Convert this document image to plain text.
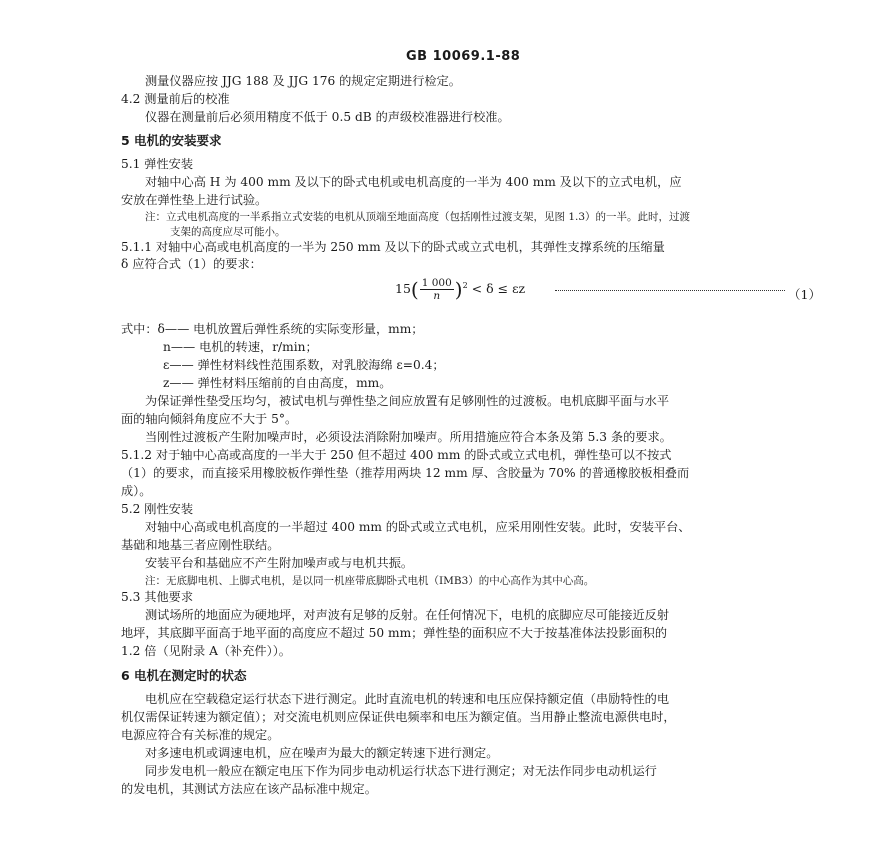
GB 10069.1-88
测量仪器应按 JJG 188 及 JJG 176 的规定定期进行检定。
4.2 测量前后的校准
仪器在测量前后必须用精度不低于 0.5 dB 的声级校准器进行校准。
5 电机的安装要求
5.1 弹性安装
对轴中心高 H 为 400 mm 及以下的卧式电机或电机高度的一半为 400 mm 及以下的立式电机，应
安放在弹性垫上进行试验。
注：立式电机高度的一半系指立式安装的电机从顶端至地面高度（包括刚性过渡支架，见图 1.3）的一半。此时，过渡
支架的高度应尽可能小。
5.1.1 对轴中心高或电机高度的一半为 250 mm 及以下的卧式或立式电机，其弹性支撑系统的压缩量
δ 应符合式（1）的要求：
$15( \frac{1 000}{n} )^2 < \delta \le \varepsilon z$	（1）
式中：δ—— 电机放置后弹性系统的实际变形量，mm；
n—— 电机的转速，r/min；
ε—— 弹性材料线性范围系数，对乳胶海绵 ε=0.4；
z—— 弹性材料压缩前的自由高度，mm。
为保证弹性垫受压均匀，被试电机与弹性垫之间应放置有足够刚性的过渡板。电机底脚平面与水平
面的轴向倾斜角度应不大于 5°。
当刚性过渡板产生附加噪声时，必须设法消除附加噪声。所用措施应符合本条及第 5.3 条的要求。
5.1.2 对于轴中心高或高度的一半大于 250 但不超过 400 mm 的卧式或立式电机，弹性垫可以不按式
（1）的要求，而直接采用橡胶板作弹性垫（推荐用两块 12 mm 厚、含胶量为 70% 的普通橡胶板相叠而
成）。
5.2 刚性安装
对轴中心高或电机高度的一半超过 400 mm 的卧式或立式电机，应采用刚性安装。此时，安装平台、
基础和地基三者应刚性联结。
安装平台和基础应不产生附加噪声或与电机共振。
注：无底脚电机、上脚式电机，是以同一机座带底脚卧式电机（IMB3）的中心高作为其中心高。
5.3 其他要求
测试场所的地面应为硬地坪，对声波有足够的反射。在任何情况下，电机的底脚应尽可能接近反射
地坪，其底脚平面高于地平面的高度应不超过 50 mm；弹性垫的面积应不大于按基准体法投影面积的
1.2 倍（见附录 A（补充件））。
6 电机在测定时的状态
电机应在空载稳定运行状态下进行测定。此时直流电机的转速和电压应保持额定值（串励特性的电
机仅需保证转速为额定值）；对交流电机则应保证供电频率和电压为额定值。当用静止整流电源供电时，
电源应符合有关标准的规定。
对多速电机或调速电机，应在噪声为最大的额定转速下进行测定。
同步发电机一般应在额定电压下作为同步电动机运行状态下进行测定；对无法作同步电动机运行
的发电机，其测试方法应在该产品标准中规定。
